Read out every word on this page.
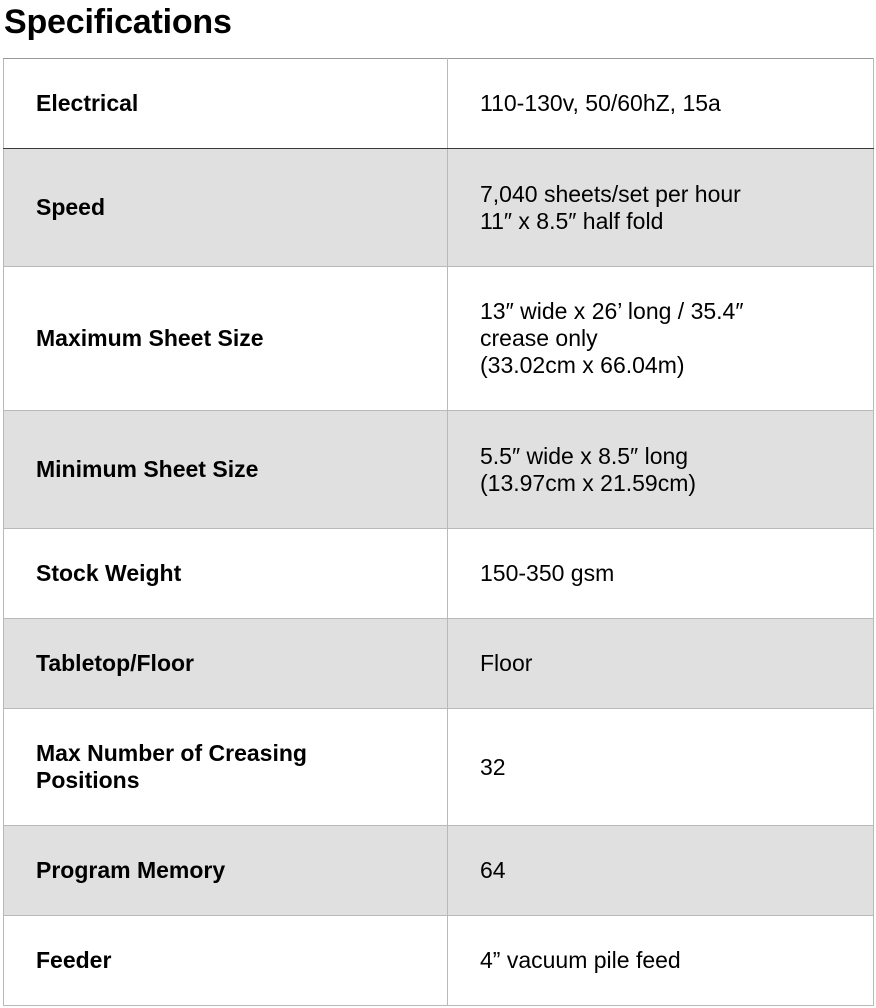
Specifications
Electrical	110-130v, 50/60hZ, 15a
Speed	7,040 sheets/set per hour
11″ x 8.5″ half fold
Maximum Sheet Size	13″ wide x 26’ long / 35.4″
crease only
(33.02cm x 66.04m)
Minimum Sheet Size	5.5″ wide x 8.5″ long
(13.97cm x 21.59cm)
Stock Weight	150-350 gsm
Tabletop/Floor	Floor
Max Number of Creasing
Positions	32
Program Memory	64
Feeder	4” vacuum pile feed
